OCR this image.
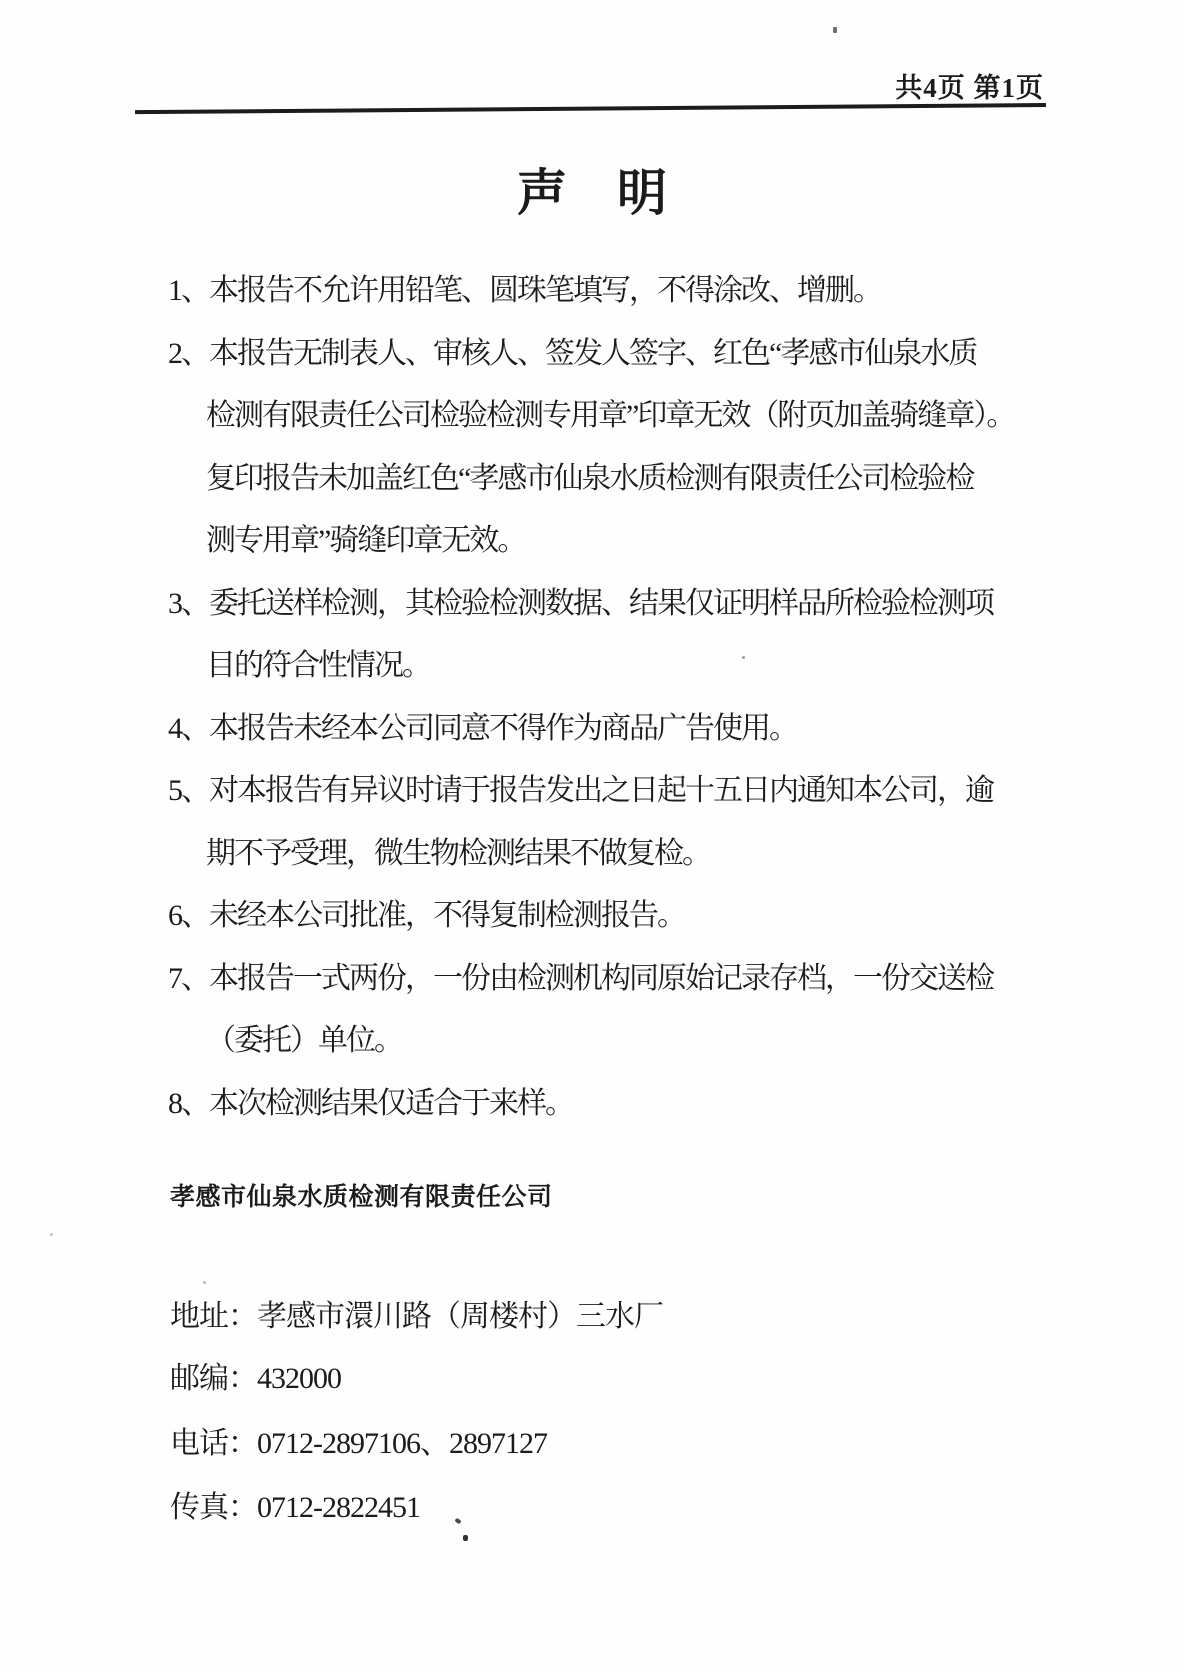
共4页 第1页
声　明
1、 本报告不允许用铅笔、圆珠笔填写，不得涂改、增删。
2、 本报告无制表人、审核人、签发人签字、红色“孝感市仙泉水质
检测有限责任公司检验检测专用章”印章无效（附页加盖骑缝章）。
复印报告未加盖红色“孝感市仙泉水质检测有限责任公司检验检
测专用章”骑缝印章无效。
3、 委托送样检测，其检验检测数据、结果仅证明样品所检验检测项
目的符合性情况。
4、 本报告未经本公司同意不得作为商品广告使用。
5、 对本报告有异议时请于报告发出之日起十五日内通知本公司，逾
期不予受理，微生物检测结果不做复检。
6、 未经本公司批准，不得复制检测报告。
7、 本报告一式两份，一份由检测机构同原始记录存档，一份交送检
（委托）单位。
8、 本次检测结果仅适合于来样。
孝感市仙泉水质检测有限责任公司
地址：孝感市澴川路（周楼村）三水厂
邮编：432000
电话：0712-2897106、2897127
传真：0712-2822451
